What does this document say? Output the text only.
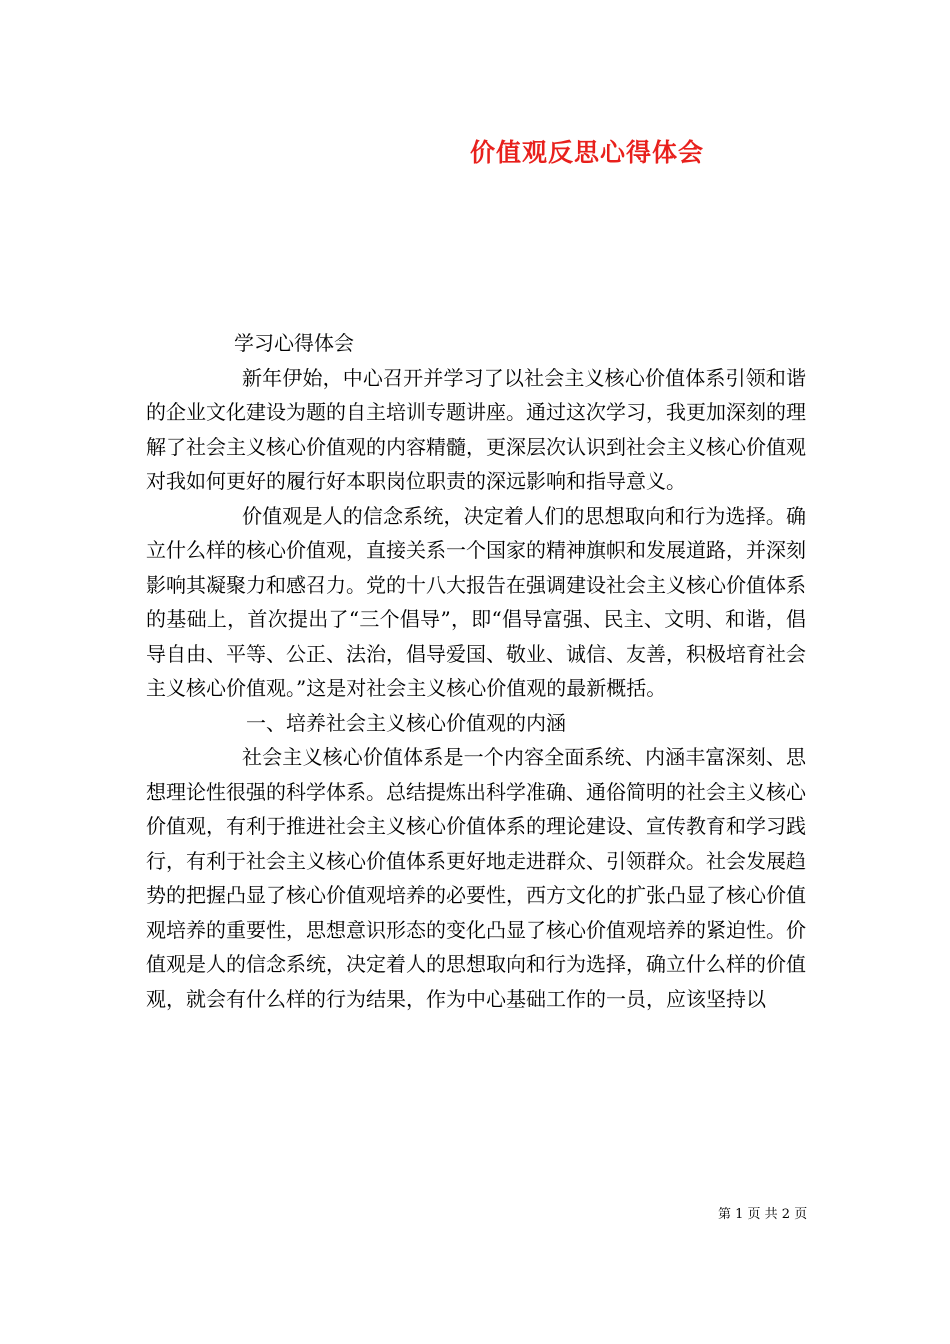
价值观反思心得体会

学习心得体会

新年伊始，中心召开并学习了以社会主义核心价值体系引领和谐的企业文化建设为题的自主培训专题讲座。通过这次学习，我更加深刻的理解了社会主义核心价值观的内容精髓，更深层次认识到社会主义核心价值观对我如何更好的履行好本职岗位职责的深远影响和指导意义。

价值观是人的信念系统，决定着人们的思想取向和行为选择。确立什么样的核心价值观，直接关系一个国家的精神旗帜和发展道路，并深刻影响其凝聚力和感召力。党的十八大报告在强调建设社会主义核心价值体系的基础上，首次提出了“三个倡导”，即“倡导富强、民主、文明、和谐，倡导自由、平等、公正、法治，倡导爱国、敬业、诚信、友善，积极培育社会主义核心价值观。”这是对社会主义核心价值观的最新概括。

一、培养社会主义核心价值观的内涵

社会主义核心价值体系是一个内容全面系统、内涵丰富深刻、思想理论性很强的科学体系。总结提炼出科学准确、通俗简明的社会主义核心价值观，有利于推进社会主义核心价值体系的理论建设、宣传教育和学习践行，有利于社会主义核心价值体系更好地走进群众、引领群众。社会发展趋势的把握凸显了核心价值观培养的必要性，西方文化的扩张凸显了核心价值观培养的重要性，思想意识形态的变化凸显了核心价值观培养的紧迫性。价值观是人的信念系统，决定着人的思想取向和行为选择，确立什么样的价值观，就会有什么样的行为结果，作为中心基础工作的一员，应该坚持以

第 1 页 共 2 页
